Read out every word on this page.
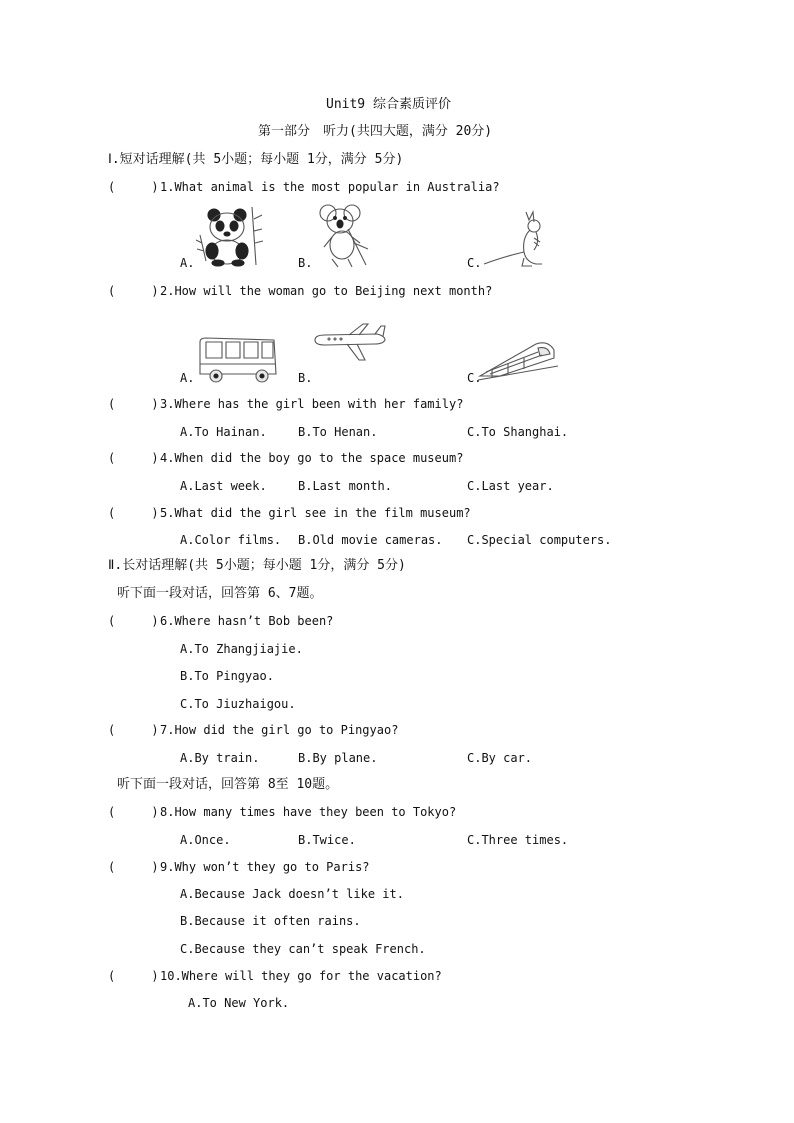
Unit9 综合素质评价
第一部分　听力(共四大题，满分 20分)
Ⅰ.短对话理解(共 5小题；每小题 1分，满分 5分)
(     ) 1.What animal is the most popular in Australia?
A.	B.	C.
(     ) 2.How will the woman go to Beijing next month?
A.	B.	C.
(     ) 3.Where has the girl been with her family?
A.To Hainan.	B.To Henan.	C.To Shanghai.
(     ) 4.When did the boy go to the space museum?
A.Last week.	B.Last month.	C.Last year.
(     ) 5.What did the girl see in the film museum?
A.Color films. B.Old movie cameras. C.Special computers.
Ⅱ.长对话理解(共 5小题；每小题 1分，满分 5分)
听下面一段对话，回答第 6、7题。
(     ) 6.Where hasn’t Bob been?
A.To Zhangjiajie.
B.To Pingyao.
C.To Jiuzhaigou.
(     ) 7.How did the girl go to Pingyao?
A.By train.	B.By plane.	C.By car.
听下面一段对话，回答第 8至 10题。
(     ) 8.How many times have they been to Tokyo?
A.Once.	B.Twice.	C.Three times.
(     ) 9.Why won’t they go to Paris?
A.Because Jack doesn’t like it.
B.Because it often rains.
C.Because they can’t speak French.
(     ) 10.Where will they go for the vacation?
A.To New York.
